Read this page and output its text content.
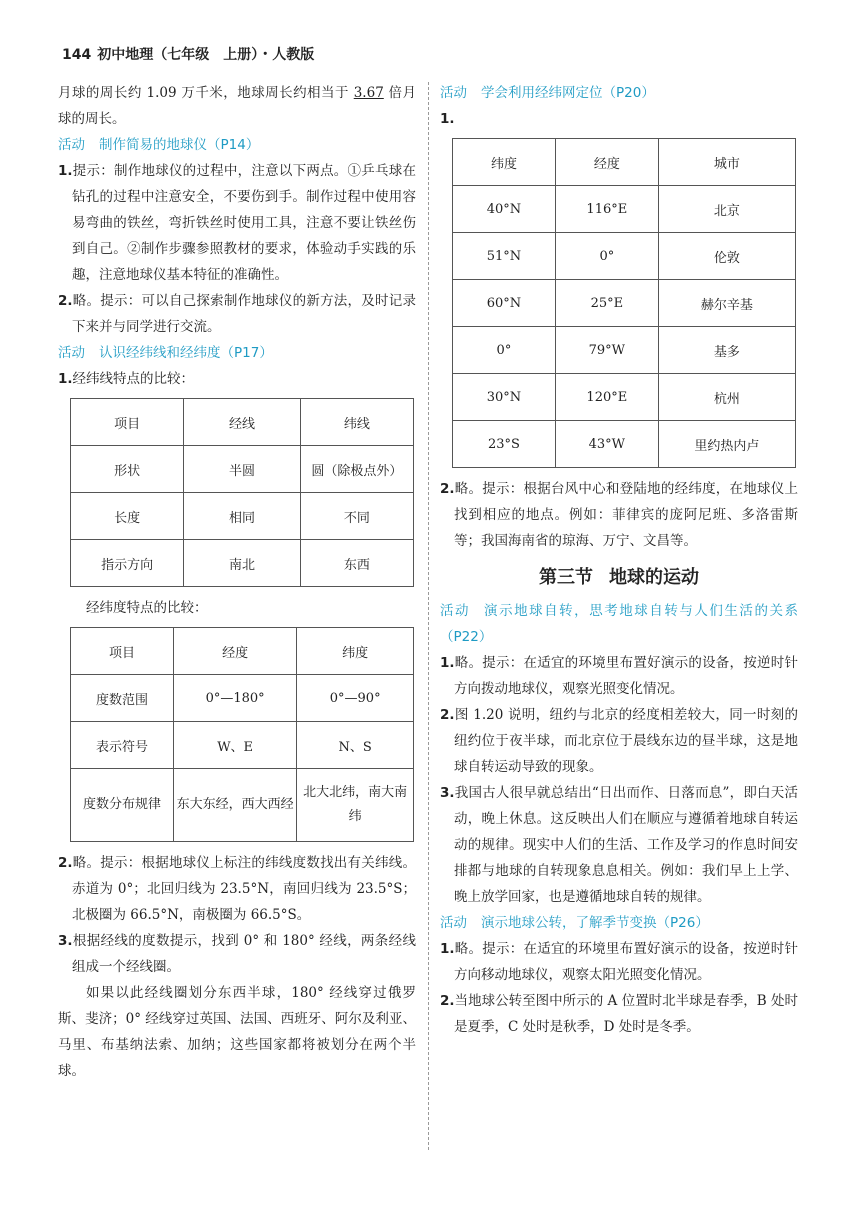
144 初中地理（七年级　上册）・人教版

月球的周长约 1.09 万千米，地球周长约相当于 3.67 倍月球的周长。

活动 制作简易的地球仪（P14）

1.提示：制作地球仪的过程中，注意以下两点。①乒乓球在钻孔的过程中注意安全，不要伤到手。制作过程中使用容易弯曲的铁丝，弯折铁丝时使用工具，注意不要让铁丝伤到自己。②制作步骤参照教材的要求，体验动手实践的乐趣，注意地球仪基本特征的准确性。

2.略。提示：可以自己探索制作地球仪的新方法，及时记录下来并与同学进行交流。

活动 认识经纬线和经纬度（P17）

1.经纬线特点的比较：

项目	经线	纬线
形状	半圆	圆（除极点外）
长度	相同	不同
指示方向	南北	东西

经纬度特点的比较：

项目	经度	纬度
度数范围	0°—180°	0°—90°
表示符号	W、E	N、S
度数分布规律	东大东经，西大西经	北大北纬，南大南纬

2.略。提示：根据地球仪上标注的纬线度数找出有关纬线。赤道为 0°；北回归线为 23.5°N，南回归线为 23.5°S；北极圈为 66.5°N，南极圈为 66.5°S。

3.根据经线的度数提示，找到 0° 和 180° 经线，两条经线组成一个经线圈。

如果以此经线圈划分东西半球，180° 经线穿过俄罗斯、斐济；0° 经线穿过英国、法国、西班牙、阿尔及利亚、马里、布基纳法索、加纳；这些国家都将被划分在两个半球。

活动 学会利用经纬网定位（P20）

1.

纬度	经度	城市
40°N	116°E	北京
51°N	0°	伦敦
60°N	25°E	赫尔辛基
0°	79°W	基多
30°N	120°E	杭州
23°S	43°W	里约热内卢

2.略。提示：根据台风中心和登陆地的经纬度，在地球仪上找到相应的地点。例如：菲律宾的庞阿尼班、多洛雷斯等；我国海南省的琼海、万宁、文昌等。

第三节 地球的运动

活动 演示地球自转，思考地球自转与人们生活的关系（P22）

1.略。提示：在适宜的环境里布置好演示的设备，按逆时针方向拨动地球仪，观察光照变化情况。

2.图 1.20 说明，纽约与北京的经度相差较大，同一时刻的纽约位于夜半球，而北京位于晨线东边的昼半球，这是地球自转运动导致的现象。

3.我国古人很早就总结出“日出而作、日落而息”，即白天活动，晚上休息。这反映出人们在顺应与遵循着地球自转运动的规律。现实中人们的生活、工作及学习的作息时间安排都与地球的自转现象息息相关。例如：我们早上上学、晚上放学回家，也是遵循地球自转的规律。

活动 演示地球公转，了解季节变换（P26）

1.略。提示：在适宜的环境里布置好演示的设备，按逆时针方向移动地球仪，观察太阳光照变化情况。

2.当地球公转至图中所示的 A 位置时北半球是春季，B 处时是夏季，C 处时是秋季，D 处时是冬季。
